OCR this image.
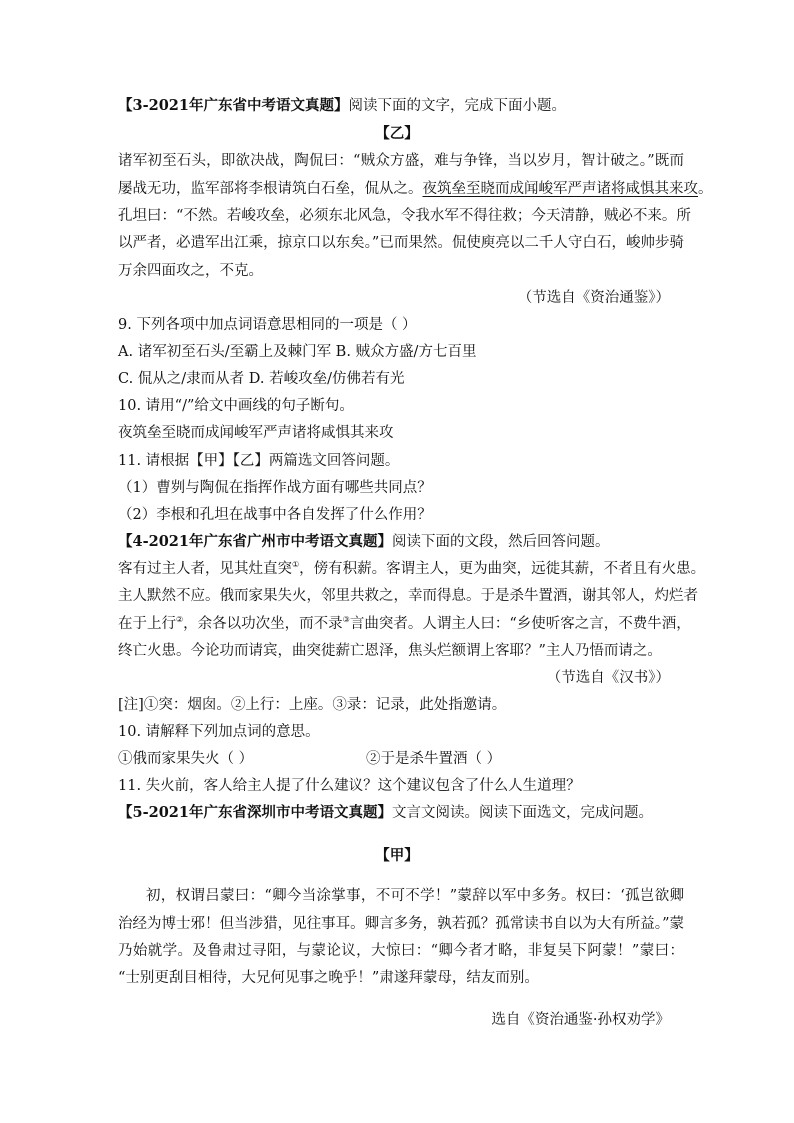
【3-2021年广东省中考语文真题】阅读下面的文字，完成下面小题。
【乙】
诸军初至石头，即欲决战，陶侃曰：“贼众方盛，难与争锋，当以岁月，智计破之。”既而
屡战无功，监军部将李根请筑白石垒，侃从之。夜筑垒至晓而成闻峻军严声诸将咸惧其来攻。
孔坦曰：“不然。若峻攻垒，必须东北风急，令我水军不得往救；今天清静，贼必不来。所
以严者，必遣军出江乘，掠京口以东矣。”已而果然。侃使庾亮以二千人守白石，峻帅步骑
万余四面攻之，不克。
（节选自《资治通鉴》）
9. 下列各项中加点词语意思相同的一项是（ ）
A. 诸军初至石头/至霸上及棘门军 B. 贼众方盛/方七百里
C. 侃从之/隶而从者 D. 若峻攻垒/仿佛若有光
10. 请用“/”给文中画线的句子断句。
夜筑垒至晓而成闻峻军严声诸将咸惧其来攻
11. 请根据【甲】【乙】两篇选文回答问题。
（1）曹刿与陶侃在指挥作战方面有哪些共同点？
（2）李根和孔坦在战事中各自发挥了什么作用？
【4-2021年广东省广州市中考语文真题】阅读下面的文段，然后回答问题。
客有过主人者，见其灶直突①，傍有积薪。客谓主人，更为曲突，远徙其薪，不者且有火患。
主人默然不应。俄而家果失火，邻里共救之，幸而得息。于是杀牛置酒，谢其邻人，灼烂者
在于上行②，余各以功次坐，而不录③言曲突者。人谓主人曰：“乡使听客之言，不费牛酒，
终亡火患。今论功而请宾，曲突徙薪亡恩泽，焦头烂额谓上客耶？”主人乃悟而请之。
（节选自《汉书》）
[注]①突：烟囱。②上行：上座。③录：记录，此处指邀请。
10. 请解释下列加点词的意思。
①俄而家果失火（ ）	②于是杀牛置酒（ ）
11. 失火前，客人给主人提了什么建议？这个建议包含了什么人生道理？
【5-2021年广东省深圳市中考语文真题】文言文阅读。阅读下面选文，完成问题。
【甲】
初，权谓吕蒙曰：“卿今当涂掌事，不可不学！”蒙辞以军中多务。权曰：‘孤岂欲卿
治经为博士邪！但当涉猎，见往事耳。卿言多务，孰若孤？孤常读书自以为大有所益。”蒙
乃始就学。及鲁肃过寻阳，与蒙论议，大惊曰：“卿今者才略，非复吴下阿蒙！”蒙曰：
“士别更刮目相待，大兄何见事之晚乎！”肃遂拜蒙母，结友而别。
选自《资治通鉴·孙权劝学》
